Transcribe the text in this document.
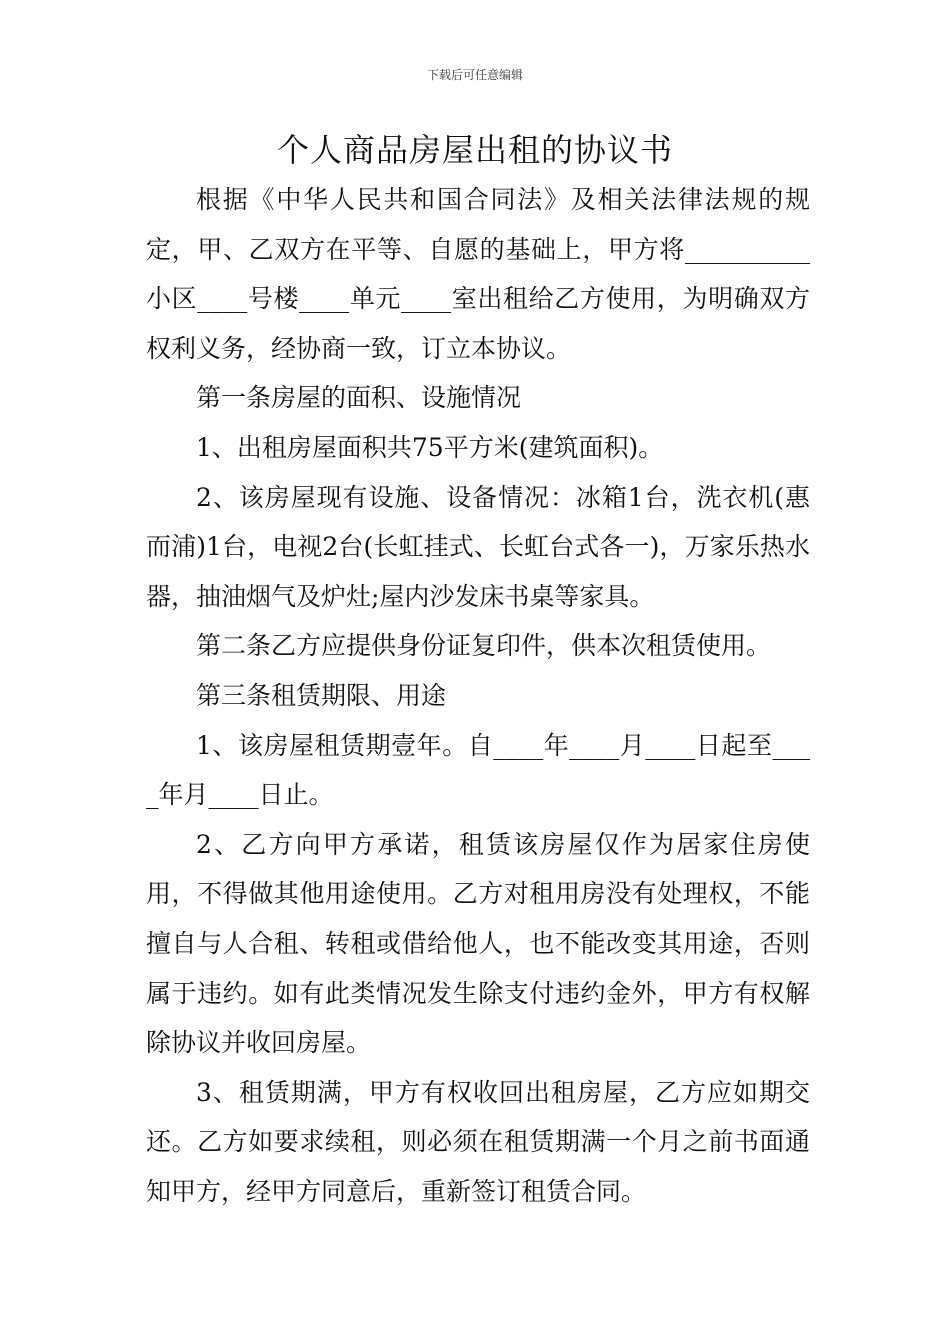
下载后可任意编辑
个人商品房屋出租的协议书

根据《中华人民共和国合同法》及相关法律法规的规定，甲、乙双方在平等、自愿的基础上，甲方将__________小区____号楼____单元____室出租给乙方使用，为明确双方权利义务，经协商一致，订立本协议。

第一条房屋的面积、设施情况

1、出租房屋面积共75平方米(建筑面积)。

2、该房屋现有设施、设备情况：冰箱1台，洗衣机(惠而浦)1台，电视2台(长虹挂式、长虹台式各一)，万家乐热水器，抽油烟气及炉灶;屋内沙发床书桌等家具。

第二条乙方应提供身份证复印件，供本次租赁使用。

第三条租赁期限、用途

1、该房屋租赁期壹年。自____年____月____日起至____年月____日止。

2、乙方向甲方承诺，租赁该房屋仅作为居家住房使用，不得做其他用途使用。乙方对租用房没有处理权，不能擅自与人合租、转租或借给他人，也不能改变其用途，否则属于违约。如有此类情况发生除支付违约金外，甲方有权解除协议并收回房屋。

3、租赁期满，甲方有权收回出租房屋，乙方应如期交还。乙方如要求续租，则必须在租赁期满一个月之前书面通知甲方，经甲方同意后，重新签订租赁合同。
